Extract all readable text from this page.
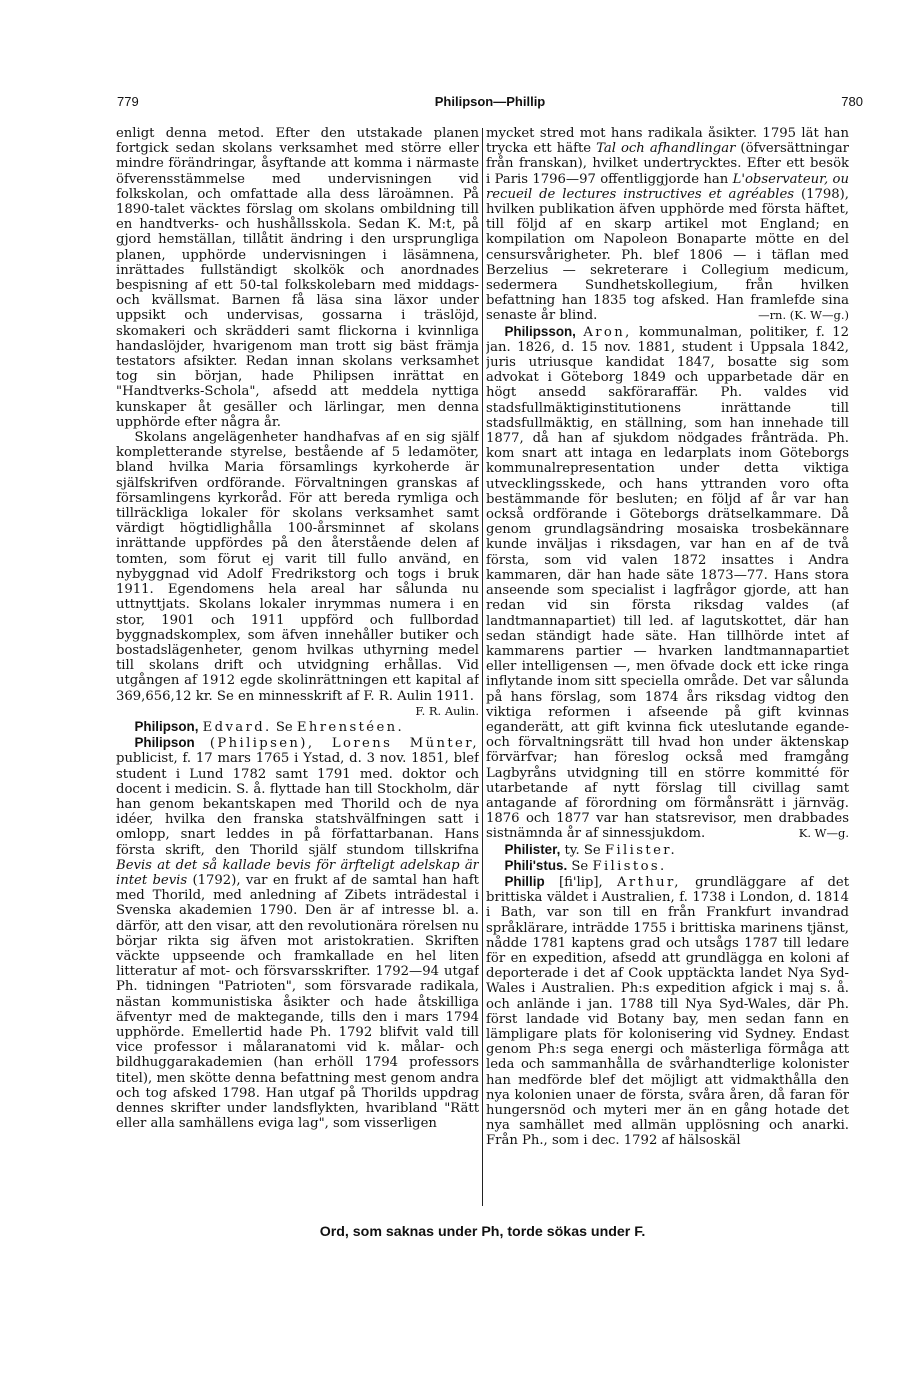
779	Philipson—Phillip	780

enligt denna metod. Efter den utstakade planen fortgick sedan skolans verksamhet med större eller mindre förändringar, åsyftande att komma i närmaste öfverensstämmelse med undervisningen vid folkskolan, och omfattade alla dess läroämnen. På 1890-talet väcktes förslag om skolans ombildning till en handtverks- och hushållsskola. Sedan K. M:t, på gjord hemställan, tillåtit ändring i den ursprungliga planen, upphörde undervisningen i läsämnena, inrättades fullständigt skolkök och anordnades bespisning af ett 50-tal folkskolebarn med middags- och kvällsmat. Barnen få läsa sina läxor under uppsikt och undervisas, gossarna i träslöjd, skomakeri och skrädderi samt flickorna i kvinnliga handaslöjder, hvarigenom man trott sig bäst främja testators afsikter. Redan innan skolans verksamhet tog sin början, hade Philipsen inrättat en "Handtverks-Schola", afsedd att meddela nyttiga kunskaper åt gesäller och lärlingar, men denna upphörde efter några år.

Skolans angelägenheter handhafvas af en sig själf kompletterande styrelse, bestående af 5 ledamöter, bland hvilka Maria församlings kyrkoherde är själfskrifven ordförande. Förvaltningen granskas af församlingens kyrkoråd. För att bereda rymliga och tillräckliga lokaler för skolans verksamhet samt värdigt högtidlighålla 100-årsminnet af skolans inrättande uppfördes på den återstående delen af tomten, som förut ej varit till fullo använd, en nybyggnad vid Adolf Fredrikstorg och togs i bruk 1911. Egendomens hela areal har sålunda nu uttnyttjats. Skolans lokaler inrymmas numera i en stor, 1901 och 1911 uppförd och fullbordad byggnadskomplex, som äfven innehåller butiker och bostadslägenheter, genom hvilkas uthyrning medel till skolans drift och utvidgning erhållas. Vid utgången af 1912 egde skolinrättningen ett kapital af 369,656,12 kr. Se en minnesskrift af F. R. Aulin 1911.
F. R. Aulin.

Philipson, Edvard. Se Ehrenstéen.

Philipson (Philipsen), Lorens Münter, publicist, f. 17 mars 1765 i Ystad, d. 3 nov. 1851, blef student i Lund 1782 samt 1791 med. doktor och docent i medicin. S. å. flyttade han till Stockholm, där han genom bekantskapen med Thorild och de nya idéer, hvilka den franska statshvälfningen satt i omlopp, snart leddes in på författarbanan. Hans första skrift, den Thorild själf stundom tillskrifna Bevis at det så kallade bevis för ärfteligt adelskap är intet bevis (1792), var en frukt af de samtal han haft med Thorild, med anledning af Zibets inträdestal i Svenska akademien 1790. Den är af intresse bl. a. därför, att den visar, att den revolutionära rörelsen nu börjar rikta sig äfven mot aristokratien. Skriften väckte uppseende och framkallade en hel liten litteratur af mot- och försvarsskrifter. 1792—94 utgaf Ph. tidningen "Patrioten", som försvarade radikala, nästan kommunistiska åsikter och hade åtskilliga äfventyr med de maktegande, tills den i mars 1794 upphörde. Emellertid hade Ph. 1792 blifvit vald till vice professor i målaranatomi vid k. målar- och bildhuggarakademien (han erhöll 1794 professors titel), men skötte denna befattning mest genom andra och tog afsked 1798. Han utgaf på Thorilds uppdrag dennes skrifter under landsflykten, hvaribland "Rätt eller alla samhällens eviga lag", som visserligen

mycket stred mot hans radikala åsikter. 1795 lät han trycka ett häfte Tal och afhandlingar (öfversättningar från franskan), hvilket undertrycktes. Efter ett besök i Paris 1796—97 offentliggjorde han L'observateur, ou recueil de lectures instructives et agréables (1798), hvilken publikation äfven upphörde med första häftet, till följd af en skarp artikel mot England; en kompilation om Napoleon Bonaparte mötte en del censursvårigheter. Ph. blef 1806 — i täflan med Berzelius — sekreterare i Collegium medicum, sedermera Sundhetskollegium, från hvilken befattning han 1835 tog afsked. Han framlefde sina senaste år blind.	—rn. (K. W—g.)

Philipsson, Aron, kommunalman, politiker, f. 12 jan. 1826, d. 15 nov. 1881, student i Uppsala 1842, juris utriusque kandidat 1847, bosatte sig som advokat i Göteborg 1849 och upparbetade där en högt ansedd sakföraraffär. Ph. valdes vid stadsfullmäktiginstitutionens inrättande till stadsfullmäktig, en ställning, som han innehade till 1877, då han af sjukdom nödgades frånträda. Ph. kom snart att intaga en ledarplats inom Göteborgs kommunalrepresentation under detta viktiga utvecklingsskede, och hans yttranden voro ofta bestämmande för besluten; en följd af år var han också ordförande i Göteborgs drätselkammare. Då genom grundlagsändring mosaiska trosbekännare kunde inväljas i riksdagen, var han en af de två första, som vid valen 1872 insattes i Andra kammaren, där han hade säte 1873—77. Hans stora anseende som specialist i lagfrågor gjorde, att han redan vid sin första riksdag valdes (af landtmannapartiet) till led. af lagutskottet, där han sedan ständigt hade säte. Han tillhörde intet af kammarens partier — hvarken landtmannapartiet eller intelligensen —, men öfvade dock ett icke ringa inflytande inom sitt speciella område. Det var sålunda på hans förslag, som 1874 års riksdag vidtog den viktiga reformen i afseende på gift kvinnas eganderätt, att gift kvinna fick uteslutande egande- och förvaltningsrätt till hvad hon under äktenskap förvärfvar; han föreslog också med framgång Lagbyråns utvidgning till en större kommitté för utarbetande af nytt förslag till civillag samt antagande af förordning om förmånsrätt i järnväg. 1876 och 1877 var han statsrevisor, men drabbades sistnämnda år af sinnessjukdom.	K. W—g.

Philister, ty. Se Filister.

Phili'stus. Se Filistos.

Phillip [fi'lip], Arthur, grundläggare af det brittiska väldet i Australien, f. 1738 i London, d. 1814 i Bath, var son till en från Frankfurt invandrad språklärare, inträdde 1755 i brittiska marinens tjänst, nådde 1781 kaptens grad och utsågs 1787 till ledare för en expedition, afsedd att grundlägga en koloni af deporterade i det af Cook upptäckta landet Nya Syd-Wales i Australien. Ph:s expedition afgick i maj s. å. och anlände i jan. 1788 till Nya Syd-Wales, där Ph. först landade vid Botany bay, men sedan fann en lämpligare plats för kolonisering vid Sydney. Endast genom Ph:s sega energi och mästerliga förmåga att leda och sammanhålla de svårhandterlige kolonister han medförde blef det möjligt att vidmakthålla den nya kolonien unaer de första, svåra åren, då faran för hungersnöd och myteri mer än en gång hotade det nya samhället med allmän upplösning och anarki. Från Ph., som i dec. 1792 af hälsoskäl

Ord, som saknas under Ph, torde sökas under F.
